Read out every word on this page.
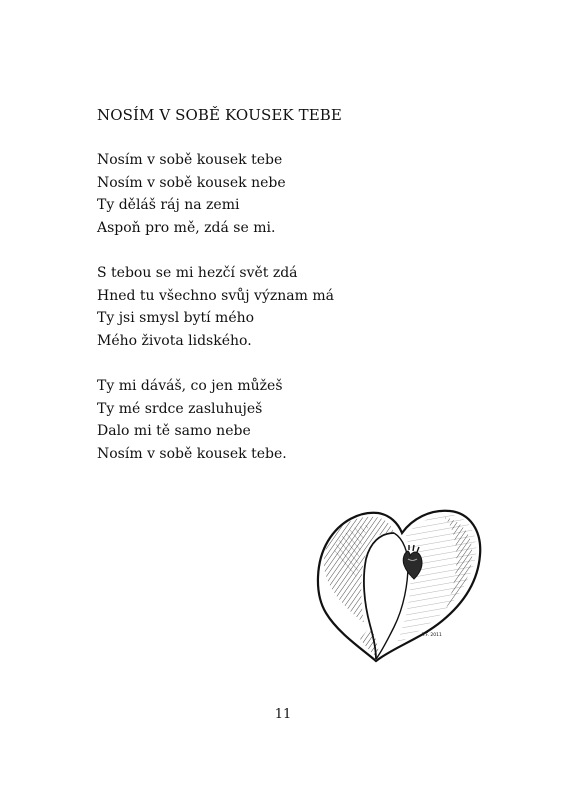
NOSÍM V SOBĚ KOUSEK TEBE
Nosím v sobě kousek tebe
Nosím v sobě kousek nebe
Ty děláš ráj na zemi
Aspoň pro mě, zdá se mi.
S tebou se mi hezčí svět zdá
Hned tu všechno svůj význam má
Ty jsi smysl bytí mého
Mého života lidského.
Ty mi dáváš, co jen můžeš
Ty mé srdce zasluhuješ
Dalo mi tě samo nebe
Nosím v sobě kousek tebe.
T.F. 2011
11
